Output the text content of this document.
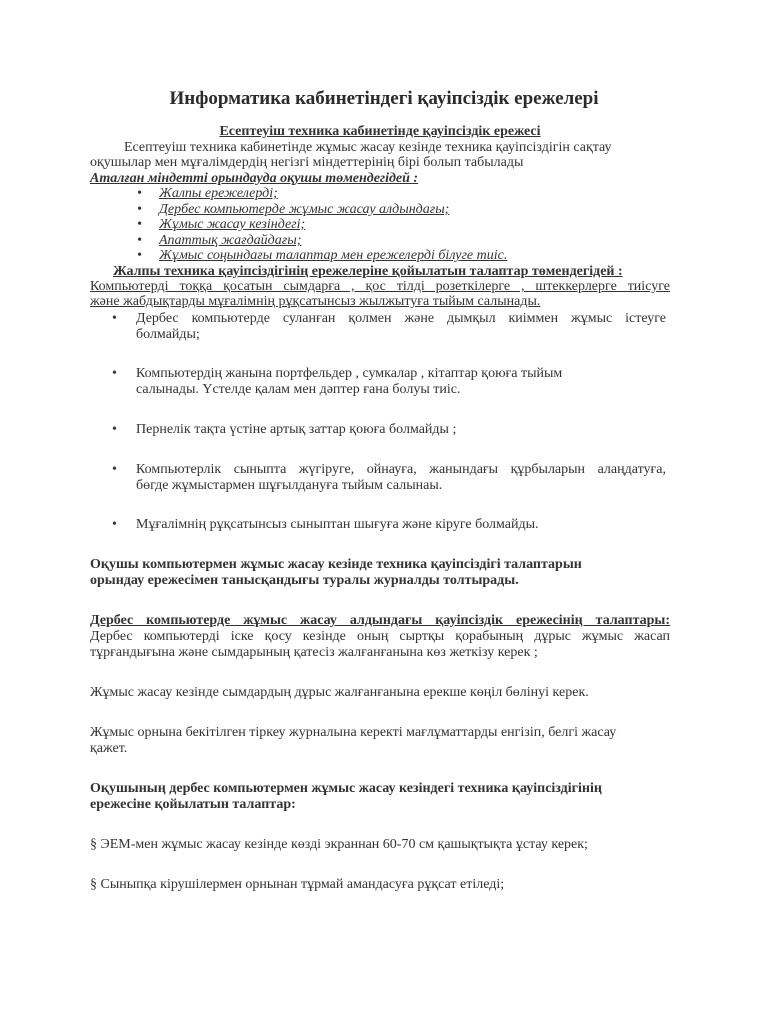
Информатика кабинетіндегі қауіпсіздік ережелері
Есептеуіш техника кабинетінде қауіпсіздік ережесі
Есептеуіш техника кабинетінде жұмыс жасау кезінде техника қауіпсіздігін сақтау
оқушылар мен мұғалімдердің негізгі міндеттерінің бірі болып табылады
Аталған міндетті орындауда оқушы төмендегідей :
• Жалпы ережелерді;
• Дербес компьютерде жұмыс жасау алдындағы;
• Жұмыс жасау кезіндегі;
• Апаттық жағдайдағы;
• Жұмыс соңындағы талаптар мен ережелерді білуге тиіс.
Жалпы техника қауіпсіздігінің ережелеріне қойылатын талаптар төмендегідей :
Компьютерді тоққа қосатын сымдарға , қос тілді розеткілерге , штеккерлерге тиісуге
және жабдықтарды мұғалімнің рұқсатынсыз жылжытуға тыйым салынады.
• Дербес компьютерде суланған қолмен және дымқыл киіммен жұмыс істеуге
болмайды;
• Компьютердің жанына портфельдер , сумкалар , кітаптар қоюға тыйым
салынады. Үстелде қалам мен дәптер ғана болуы тиіс.
• Пернелік тақта үстіне артық заттар қоюға болмайды ;
• Компьютерлік сыныпта жүгіруге, ойнауға, жанындағы құрбыларын алаңдатуға,
бөгде жұмыстармен шұғылдануға тыйым салынаы.
• Мұғалімнің рұқсатынсыз сыныптан шығуға және кіруге болмайды.
Оқушы компьютермен жұмыс жасау кезінде техника қауіпсіздігі талаптарын
орындау ережесімен танысқандығы туралы журналды толтырады.
Дербес компьютерде жұмыс жасау алдындағы қауіпсіздік ережесінің талаптары:
Дербес компьютерді іске қосу кезінде оның сыртқы қорабының дұрыс жұмыс жасап
тұрғандығына және сымдарының қатесіз жалғанғанына көз жеткізу керек ;
Жұмыс жасау кезінде сымдардың дұрыс жалғанғанына ерекше көңіл бөлінуі керек.
Жұмыс орнына бекітілген тіркеу журналына керекті мағлұматтарды енгізіп, белгі жасау
қажет.
Оқушының дербес компьютермен жұмыс жасау кезіндегі техника қауіпсіздігінің
ережесіне қойылатын талаптар:
§ ЭЕМ-мен жұмыс жасау кезінде көзді экраннан 60-70 см қашықтықта ұстау керек;
§ Сыныпқа кірушілермен орнынан тұрмай амандасуға рұқсат етіледі;
